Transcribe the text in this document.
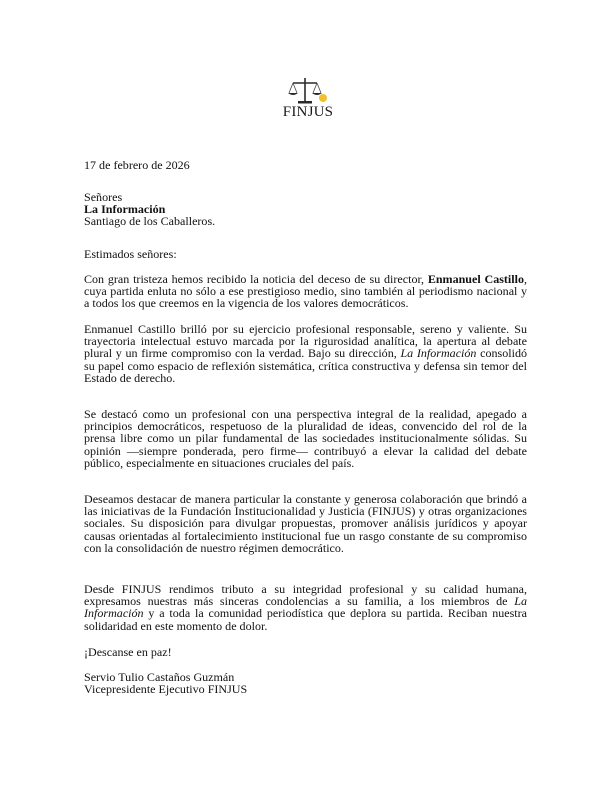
FINJUS
17 de febrero de 2026
Señores
La Información
Santiago de los Caballeros.
Estimados señores:
Con gran tristeza hemos recibido la noticia del deceso de su director, Enmanuel Castillo, cuya partida enluta no sólo a ese prestigioso medio, sino también al periodismo nacional y a todos los que creemos en la vigencia de los valores democráticos.
Enmanuel Castillo brilló por su ejercicio profesional responsable, sereno y valiente. Su trayectoria intelectual estuvo marcada por la rigurosidad analítica, la apertura al debate plural y un firme compromiso con la verdad. Bajo su dirección, La Información consolidó su papel como espacio de reflexión sistemática, crítica constructiva y defensa sin temor del Estado de derecho.
Se destacó como un profesional con una perspectiva integral de la realidad, apegado a principios democráticos, respetuoso de la pluralidad de ideas, convencido del rol de la prensa libre como un pilar fundamental de las sociedades institucionalmente sólidas. Su opinión —siempre ponderada, pero firme— contribuyó a elevar la calidad del debate público, especialmente en situaciones cruciales del país.
Deseamos destacar de manera particular la constante y generosa colaboración que brindó a las iniciativas de la Fundación Institucionalidad y Justicia (FINJUS) y otras organizaciones sociales. Su disposición para divulgar propuestas, promover análisis jurídicos y apoyar causas orientadas al fortalecimiento institucional fue un rasgo constante de su compromiso con la consolidación de nuestro régimen democrático.
Desde FINJUS rendimos tributo a su integridad profesional y su calidad humana, expresamos nuestras más sinceras condolencias a su familia, a los miembros de La Información y a toda la comunidad periodística que deplora su partida. Reciban nuestra solidaridad en este momento de dolor.
¡Descanse en paz!
Servio Tulio Castaños Guzmán
Vicepresidente Ejecutivo FINJUS
